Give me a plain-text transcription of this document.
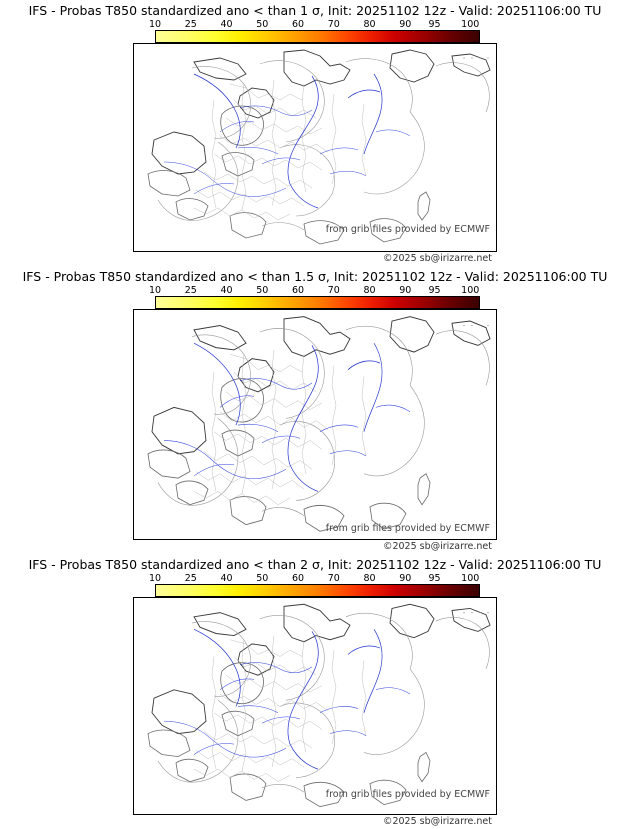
IFS - Probas T850 standardized ano < than 1 σ, Init: 20251102 12z - Valid: 20251106:00 TU
10 25 40 50 60 70 80 90 95 100
from grib files provided by ECMWF
©2025 sb@irizarre.net
IFS - Probas T850 standardized ano < than 1.5 σ, Init: 20251102 12z - Valid: 20251106:00 TU
10 25 40 50 60 70 80 90 95 100
from grib files provided by ECMWF
©2025 sb@irizarre.net
IFS - Probas T850 standardized ano < than 2 σ, Init: 20251102 12z - Valid: 20251106:00 TU
10 25 40 50 60 70 80 90 95 100
from grib files provided by ECMWF
©2025 sb@irizarre.net
